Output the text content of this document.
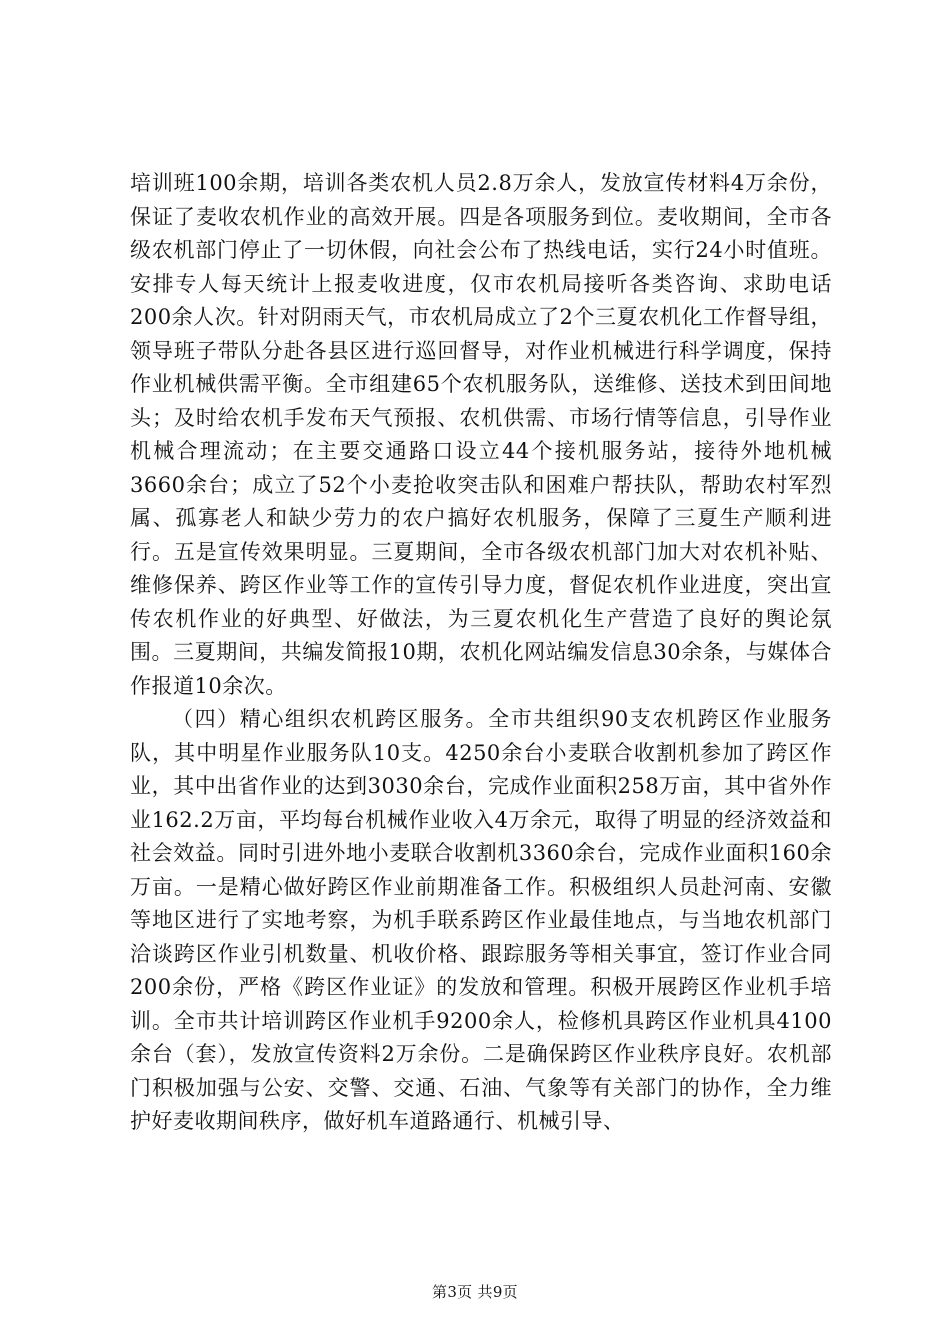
培训班100余期，培训各类农机人员2.8万余人，发放宣传材料4万余份，保证了麦收农机作业的高效开展。四是各项服务到位。麦收期间，全市各级农机部门停止了一切休假，向社会公布了热线电话，实行24小时值班。安排专人每天统计上报麦收进度，仅市农机局接听各类咨询、求助电话200余人次。针对阴雨天气，市农机局成立了2个三夏农机化工作督导组，领导班子带队分赴各县区进行巡回督导，对作业机械进行科学调度，保持作业机械供需平衡。全市组建65个农机服务队，送维修、送技术到田间地头；及时给农机手发布天气预报、农机供需、市场行情等信息，引导作业机械合理流动；在主要交通路口设立44个接机服务站，接待外地机械3660余台；成立了52个小麦抢收突击队和困难户帮扶队，帮助农村军烈属、孤寡老人和缺少劳力的农户搞好农机服务，保障了三夏生产顺利进行。五是宣传效果明显。三夏期间，全市各级农机部门加大对农机补贴、维修保养、跨区作业等工作的宣传引导力度，督促农机作业进度，突出宣传农机作业的好典型、好做法，为三夏农机化生产营造了良好的舆论氛围。三夏期间，共编发简报10期，农机化网站编发信息30余条，与媒体合作报道10余次。

（四）精心组织农机跨区服务。全市共组织90支农机跨区作业服务队，其中明星作业服务队10支。4250余台小麦联合收割机参加了跨区作业，其中出省作业的达到3030余台，完成作业面积258万亩，其中省外作业162.2万亩，平均每台机械作业收入4万余元，取得了明显的经济效益和社会效益。同时引进外地小麦联合收割机3360余台，完成作业面积160余万亩。一是精心做好跨区作业前期准备工作。积极组织人员赴河南、安徽等地区进行了实地考察，为机手联系跨区作业最佳地点，与当地农机部门洽谈跨区作业引机数量、机收价格、跟踪服务等相关事宜，签订作业合同200余份，严格《跨区作业证》的发放和管理。积极开展跨区作业机手培训。全市共计培训跨区作业机手9200余人，检修机具跨区作业机具4100余台（套），发放宣传资料2万余份。二是确保跨区作业秩序良好。农机部门积极加强与公安、交警、交通、石油、气象等有关部门的协作，全力维护好麦收期间秩序，做好机车道路通行、机械引导、

第3页 共9页
